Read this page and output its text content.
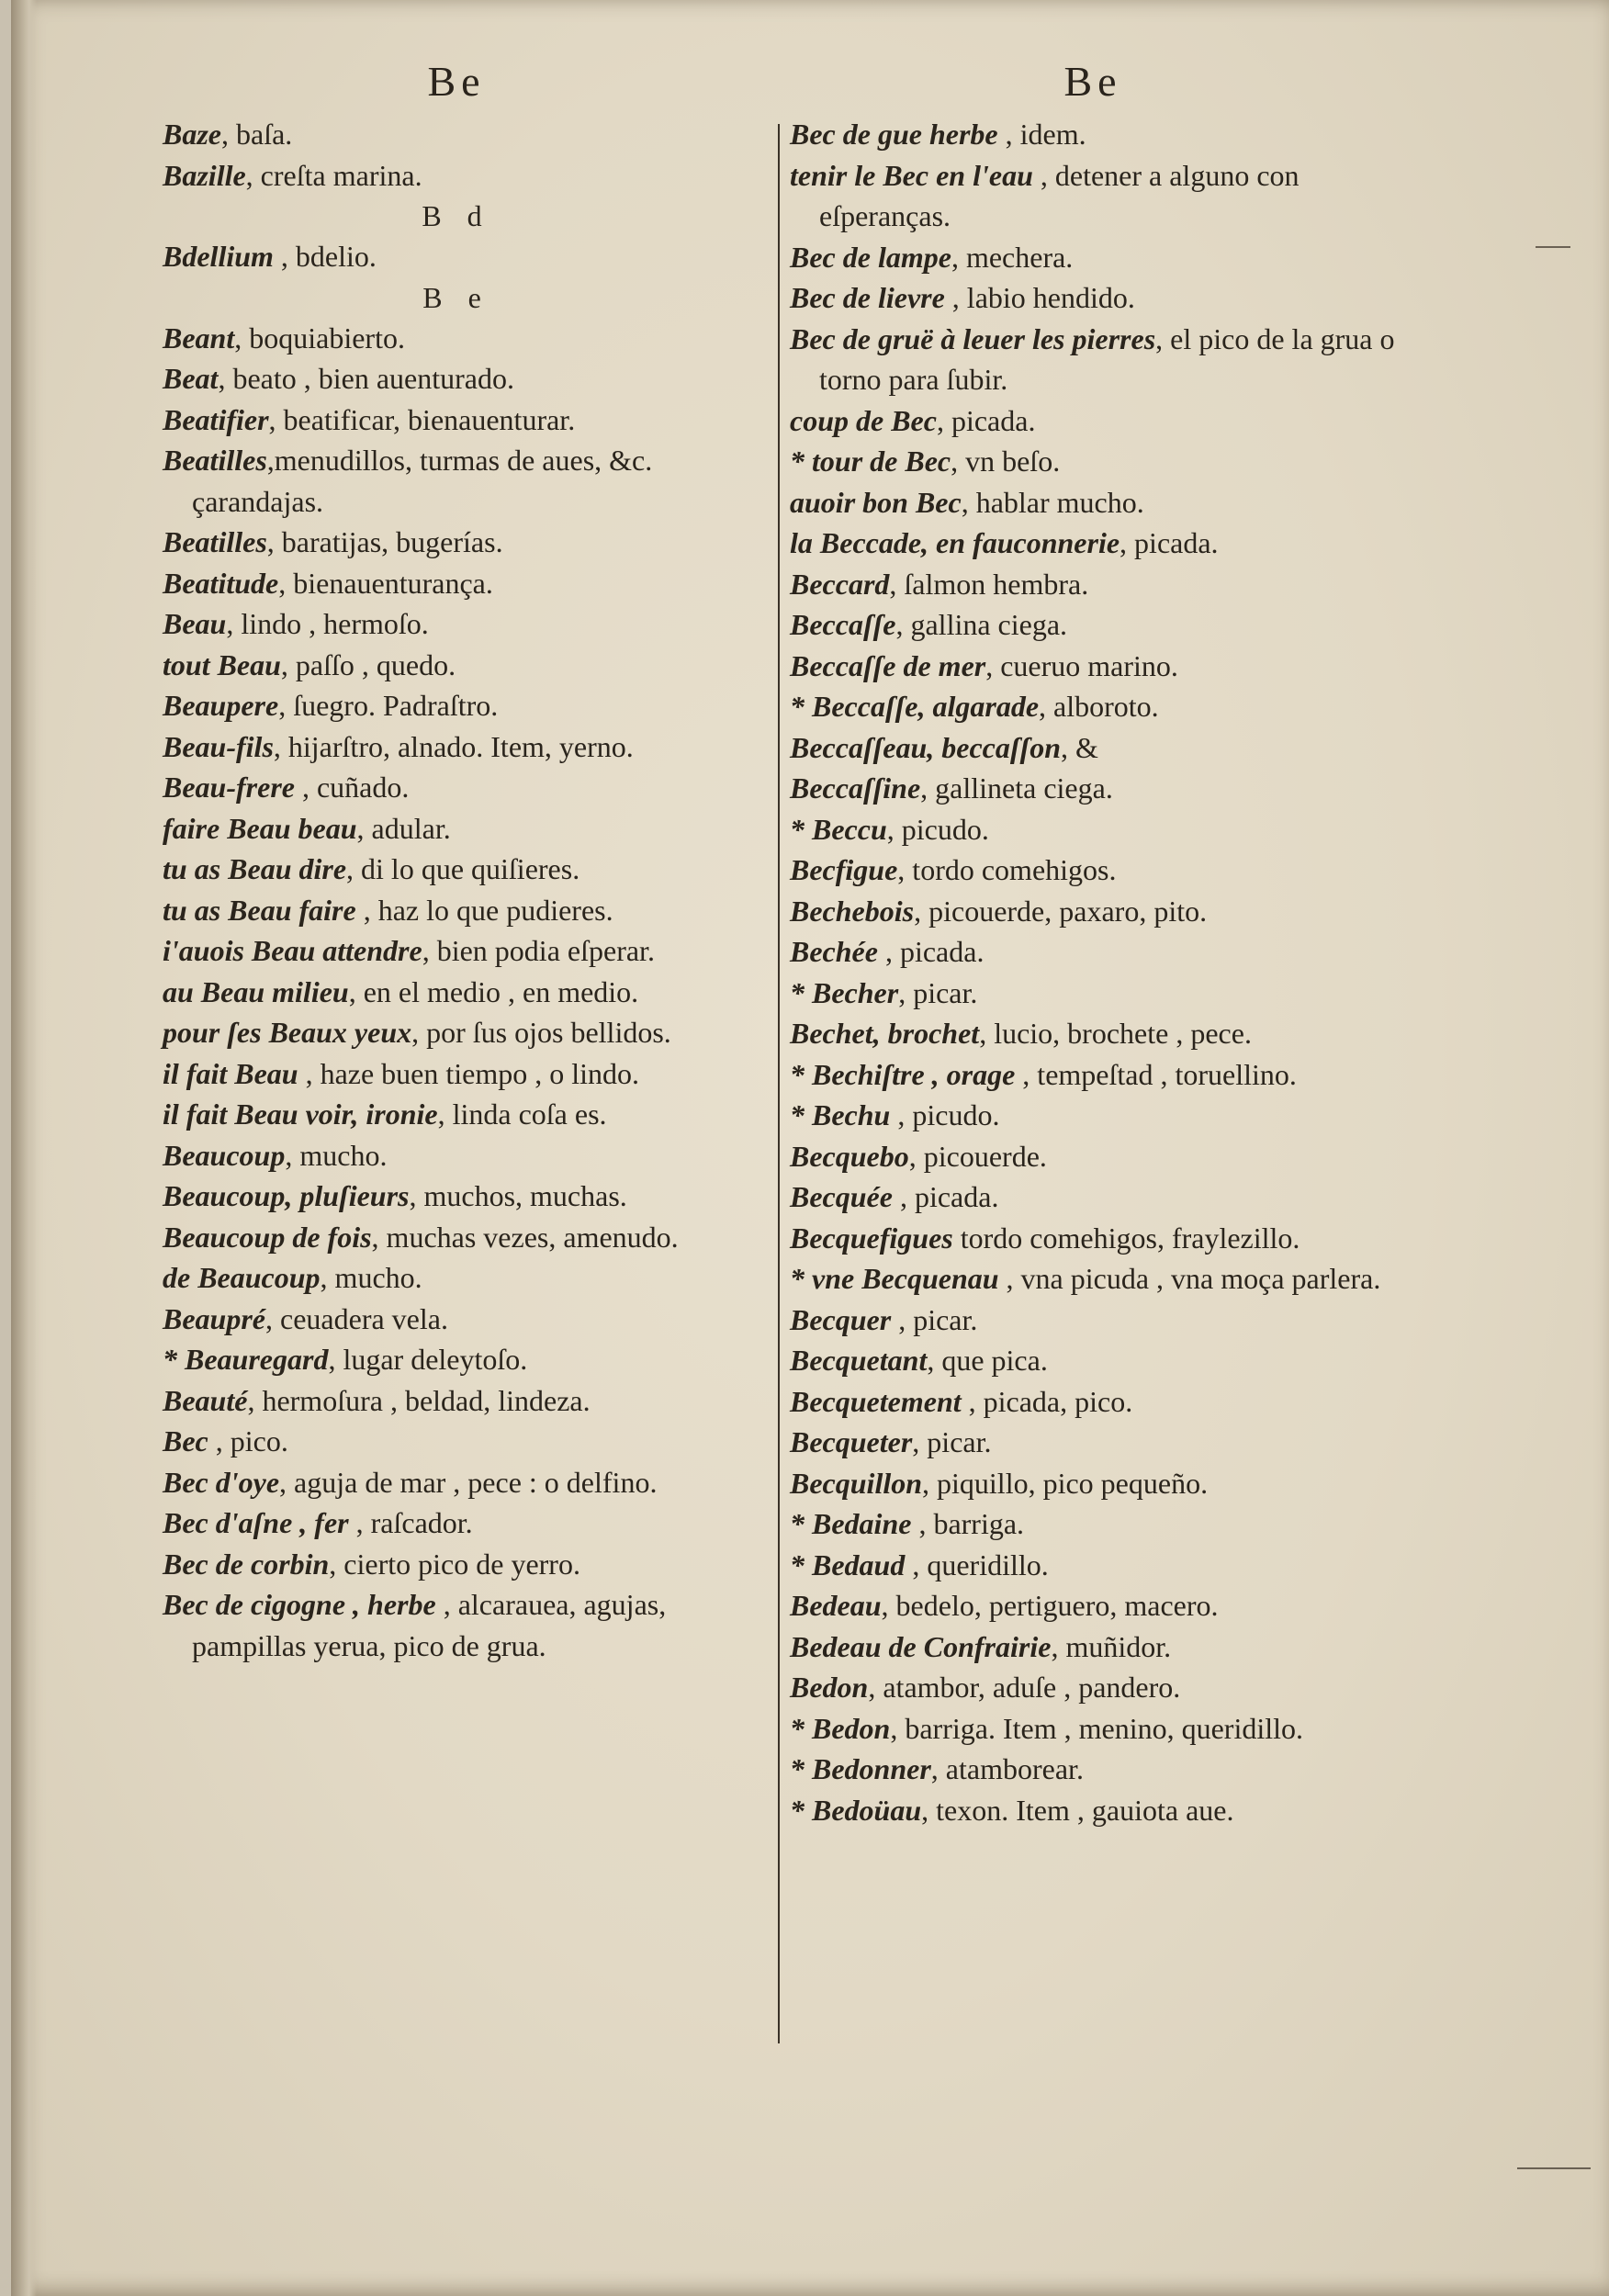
Be
Baze, baſa.
Bazille, creſta marina.
B d
Bdellium , bdelio.
B e
Beant, boquiabierto.
Beat, beato , bien auenturado.
Beatifier, beatificar, bienauenturar.
Beatilles,menudillos, turmas de aues, &c. çarandajas.
Beatilles, baratijas, bugerías.
Beatitude, bienauenturança.
Beau, lindo , hermoſo.
tout Beau, paſſo , quedo.
Beaupere, ſuegro. Padraſtro.
Beau-fils, hijarſtro, alnado. Item, yerno.
Beau-frere , cuñado.
faire Beau beau, adular.
tu as Beau dire, di lo que quiſieres.
tu as Beau faire , haz lo que pudieres.
i'auois Beau attendre, bien podia eſperar.
au Beau milieu, en el medio , en medio.
pour ſes Beaux yeux, por ſus ojos bellidos.
il fait Beau , haze buen tiempo , o lindo.
il fait Beau voir, ironie, linda coſa es.
Beaucoup, mucho.
Beaucoup, pluſieurs, muchos, muchas.
Beaucoup de fois, muchas vezes, amenudo.
de Beaucoup, mucho.
Beaupré, ceuadera vela.
* Beauregard, lugar deleytoſo.
Beauté, hermoſura , beldad, lindeza.
Bec , pico.
Bec d'oye, aguja de mar , pece : o delfino.
Bec d'aſne , fer , raſcador.
Bec de corbin, cierto pico de yerro.
Bec de cigogne , herbe , alcarauea, agujas, pampillas yerua, pico de grua.
Be
Bec de gue herbe , idem.
tenir le Bec en l'eau , detener a alguno con eſperanças.
Bec de lampe, mechera.
Bec de lievre , labio hendido.
Bec de gruë à leuer les pierres, el pico de la grua o torno para ſubir.
coup de Bec, picada.
* tour de Bec, vn beſo.
auoir bon Bec, hablar mucho.
la Beccade, en fauconnerie, picada.
Beccard, ſalmon hembra.
Beccaſſe, gallina ciega.
Beccaſſe de mer, cueruo marino.
* Beccaſſe, algarade, alboroto.
Beccaſſeau, beccaſſon, &
Beccaſſine, gallineta ciega.
* Beccu, picudo.
Becfigue, tordo comehigos.
Bechebois, picouerde, paxaro, pito.
Bechée , picada.
* Becher, picar.
Bechet, brochet, lucio, brochete , pece.
* Bechiſtre , orage , tempeſtad , toruellino.
* Bechu , picudo.
Becquebo, picouerde.
Becquée , picada.
Becquefigues tordo comehigos, fraylezillo.
* vne Becquenau , vna picuda , vna moça parlera.
Becquer , picar.
Becquetant, que pica.
Becquetement , picada, pico.
Becqueter, picar.
Becquillon, piquillo, pico pequeño.
* Bedaine , barriga.
* Bedaud , queridillo.
Bedeau, bedelo, pertiguero, macero.
Bedeau de Confrairie, muñidor.
Bedon, atambor, aduſe , pandero.
* Bedon, barriga. Item , menino, queridillo.
* Bedonner, atamborear.
* Bedoüau, texon. Item , gauiota aue.
